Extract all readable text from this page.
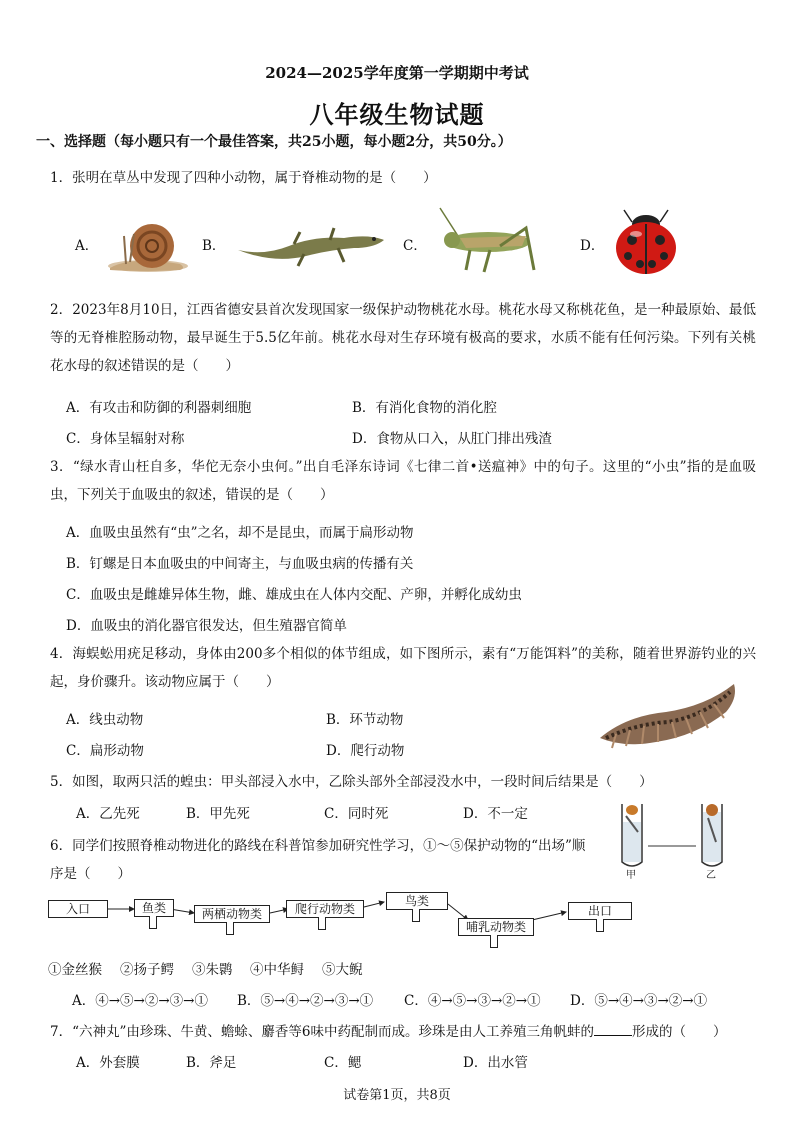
2024—2025学年度第一学期期中考试
八年级生物试题
一、选择题（每小题只有一个最佳答案，共25小题，每小题2分，共50分。）
1．张明在草丛中发现了四种小动物，属于脊椎动物的是（　　）
A．	B．	C．	D．
2．2023年8月10日，江西省德安县首次发现国家一级保护动物桃花水母。桃花水母又称桃花鱼，是一种最原始、最低等的无脊椎腔肠动物，最早诞生于5.5亿年前。桃花水母对生存环境有极高的要求，水质不能有任何污染。下列有关桃花水母的叙述错误的是（　　）
A．有攻击和防御的利器刺细胞	B．有消化食物的消化腔
C．身体呈辐射对称	D．食物从口入，从肛门排出残渣
3．“绿水青山枉自多，华佗无奈小虫何。”出自毛泽东诗词《七律二首•送瘟神》中的句子。这里的“小虫”指的是血吸虫，下列关于血吸虫的叙述，错误的是（　　）
A．血吸虫虽然有“虫”之名，却不是昆虫，而属于扁形动物
B．钉螺是日本血吸虫的中间寄主，与血吸虫病的传播有关
C．血吸虫是雌雄异体生物，雌、雄成虫在人体内交配、产卵，并孵化成幼虫
D．血吸虫的消化器官很发达，但生殖器官简单
4．海蜈蚣用疣足移动，身体由200多个相似的体节组成，如下图所示，素有“万能饵料”的美称，随着世界游钓业的兴起，身价骤升。该动物应属于（　　）
A．线虫动物	B．环节动物
C．扁形动物	D．爬行动物
5．如图，取两只活的蝗虫：甲头部浸入水中，乙除头部外全部浸没水中，一段时间后结果是（　　）
A．乙先死	B．甲先死	C．同时死	D．不一定
甲	乙
6．同学们按照脊椎动物进化的路线在科普馆参加研究性学习，①～⑤保护动物的“出场”顺序是（　　）
入口	鱼类	两栖动物类	爬行动物类
鸟类
哺乳动物类
出口
①金丝猴 ②扬子鳄 ③朱鹮 ④中华鲟 ⑤大鲵
A．④→⑤→②→③→① B．⑤→④→②→③→① C．④→⑤→③→②→① D．⑤→④→③→②→①
7．“六神丸”由珍珠、牛黄、蟾蜍、麝香等6味中药配制而成。珍珠是由人工养殖三角帆蚌的	形成的（　　）
A．外套膜	B．斧足	C．鳃	D．出水管
试卷第1页，共8页
